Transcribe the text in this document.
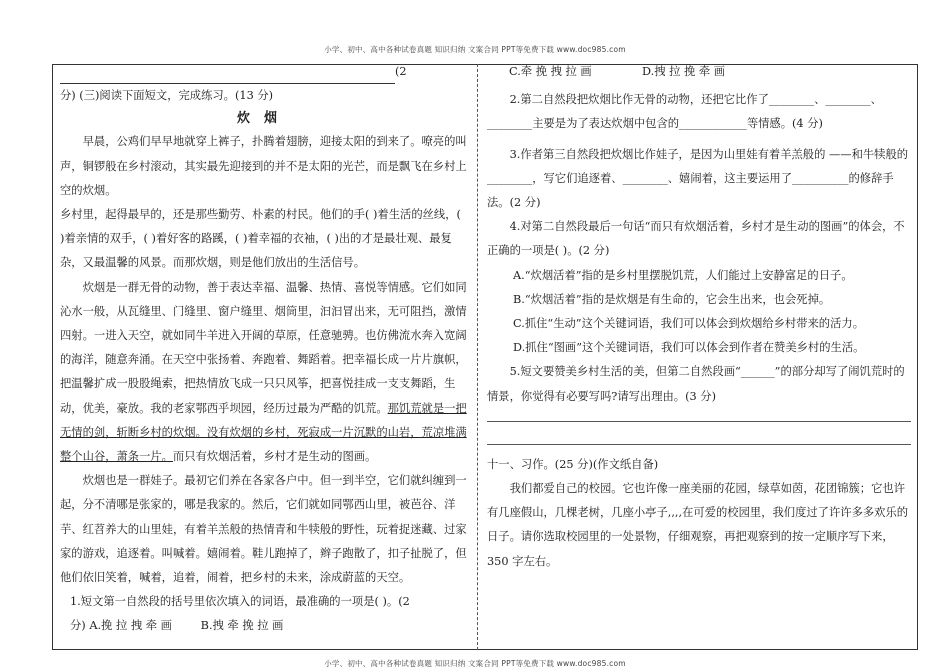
小学、初中、高中各种试卷真题 知识归纳 文案合同 PPT等免费下载 www.doc985.com

(2

分) (三)阅读下面短文，完成练习。(13 分)

炊烟

早晨，公鸡们早早地就穿上裤子，扑腾着翅膀，迎接太阳的到来了。嘹亮的叫声，铜锣般在乡村滚动，其实最先迎接到的并不是太阳的光芒，而是飘飞在乡村上空的炊烟。

乡村里，起得最早的，还是那些勤劳、朴素的村民。他们的手( )着生活的丝线，( )着亲情的双手，( )着好客的路蹊，( )着幸福的衣袖，( )出的才是最壮观、最复杂，又最温馨的风景。而那炊烟，则是他们放出的生活信号。

炊烟是一群无骨的动物，善于表达幸福、温馨、热情、喜悦等情感。它们如同沁水一般，从瓦缝里、门缝里、窗户缝里、烟筒里，汩汩冒出来，无可阻挡，激情四射。一进入天空，就如同牛羊进入开阔的草原，任意驰骋。也仿佛流水奔入宽阔的海洋，随意奔涌。在天空中张扬着、奔跑着、舞蹈着。把幸福长成一片片旗帜，把温馨扩成一股股绳索，把热情放飞成一只只风筝，把喜悦挂成一支支舞蹈，生动，优美，豪放。我的老家鄂西乎坝园，经历过最为严酷的饥荒。那饥荒就是一把无情的剑，斩断乡村的炊烟。没有炊烟的乡村，死寂成一片沉默的山岩，荒凉堆满整个山谷，萧条一片。而只有炊烟活着，乡村才是生动的图画。

炊烟也是一群娃子。最初它们养在各家各户中。但一到半空，它们就纠缠到一起，分不清哪是张家的，哪是我家的。然后，它们就如同鄂西山里，被芭谷、洋芋、红苕养大的山里娃，有着羊羔般的热情青和牛犊般的野性，玩着捉迷藏、过家家的游戏，追逐着。叫喊着。嬉闹着。鞋儿跑掉了，辫子跑散了，扣子扯脱了，但他们依旧笑着，喊着，追着，闹着，把乡村的未来，涂成蔚蓝的天空。

1.短文第一自然段的括号里依次填入的词语，最准确的一项是( )。(2

分) A.挽 拉 拽 牵 画	B.拽 牵 挽 拉 画

C.牵 挽 拽 拉 画	D.拽 拉 挽 牵 画

2.第二自然段把炊烟比作无骨的动物，还把它比作了________、________、________主要是为了表达炊烟中包含的____________等情感。(4 分)

3.作者第三自然段把炊烟比作娃子，是因为山里娃有着羊羔般的 ——和牛犊般的________，写它们追逐着、________、嬉闹着，这主要运用了__________的修辞手法。(2 分)

4.对第二自然段最后一句话“而只有炊烟活着，乡村才是生动的图画”的体会，不正确的一项是( )。(2 分)

A.“炊烟活着”指的是乡村里摆脱饥荒，人们能过上安静富足的日子。

B.“炊烟活着”指的是炊烟是有生命的，它会生出来，也会死掉。

C.抓住“生动”这个关键词语，我们可以体会到炊烟给乡村带来的活力。

D.抓住“图画”这个关键词语，我们可以体会到作者在赞美乡村的生活。

5.短文要赞美乡村生活的美，但第二自然段画“______”的部分却写了闹饥荒时的情景，你觉得有必要写吗?请写出理由。(3 分)

十一、习作。(25 分)(作文纸自备)

我们都爱自己的校园。它也许像一座美丽的花园，绿草如茵，花团锦簇；它也许有几座假山，几棵老树，几座小亭子,,,,在可爱的校园里，我们度过了许许多多欢乐的日子。请你选取校园里的一处景物，仔细观察，再把观察到的按一定顺序写下来，350 字左右。

小学、初中、高中各种试卷真题 知识归纳 文案合同 PPT等免费下载 www.doc985.com
